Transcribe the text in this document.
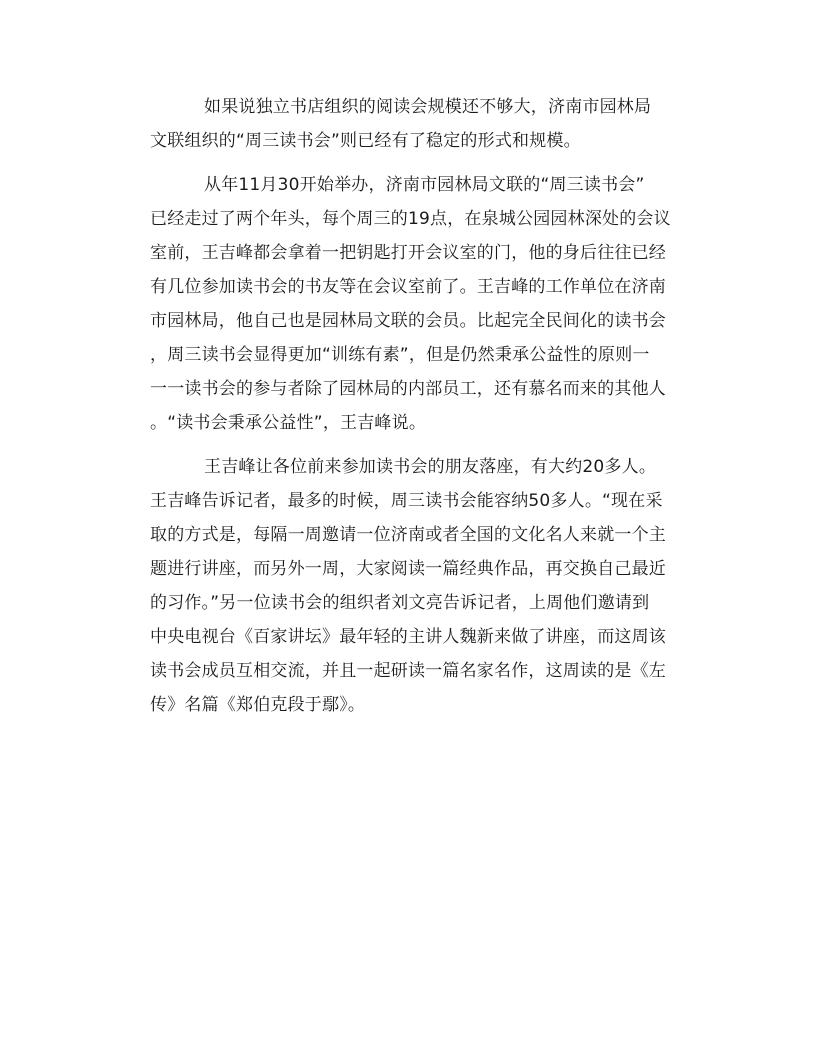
如果说独立书店组织的阅读会规模还不够大，济南市园林局
文联组织的“周三读书会”则已经有了稳定的形式和规模。
从年11月30开始举办，济南市园林局文联的“周三读书会”
已经走过了两个年头，每个周三的19点，在泉城公园园林深处的会议
室前，王吉峰都会拿着一把钥匙打开会议室的门，他的身后往往已经
有几位参加读书会的书友等在会议室前了。王吉峰的工作单位在济南
市园林局，他自己也是园林局文联的会员。比起完全民间化的读书会
，周三读书会显得更加“训练有素”，但是仍然秉承公益性的原则一
一一读书会的参与者除了园林局的内部员工，还有慕名而来的其他人
。“读书会秉承公益性”，王吉峰说。
王吉峰让各位前来参加读书会的朋友落座，有大约20多人。
王吉峰告诉记者，最多的时候，周三读书会能容纳50多人。“现在采
取的方式是，每隔一周邀请一位济南或者全国的文化名人来就一个主
题进行讲座，而另外一周，大家阅读一篇经典作品，再交换自己最近
的习作。”另一位读书会的组织者刘文亮告诉记者，上周他们邀请到
中央电视台《百家讲坛》最年轻的主讲人魏新来做了讲座，而这周该
读书会成员互相交流，并且一起研读一篇名家名作，这周读的是《左
传》名篇《郑伯克段于鄢》。
